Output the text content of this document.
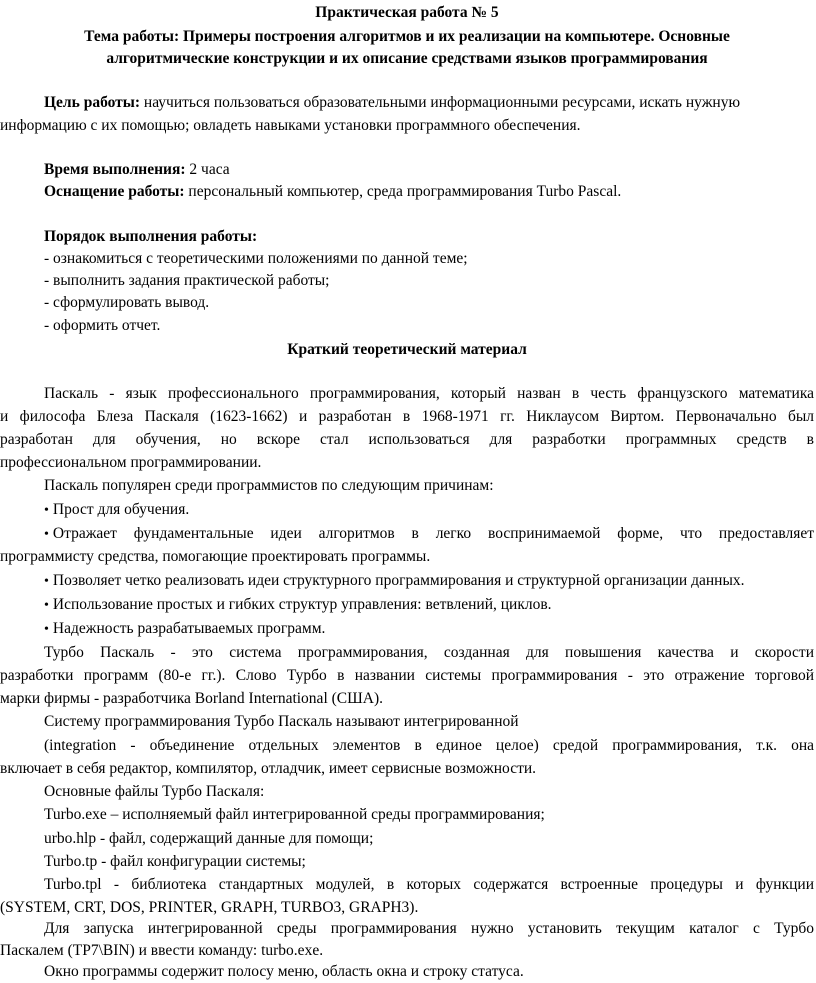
Практическая работа № 5
Тема работы: Примеры построения алгоритмов и их реализации на компьютере. Основные
алгоритмические конструкции и их описание средствами языков программирования
Цель работы: научиться пользоваться образовательными информационными ресурсами, искать нужную
информацию с их помощью; овладеть навыками установки программного обеспечения.
Время выполнения: 2 часа
Оснащение работы: персональный компьютер, среда программирования Turbo Pascal.
Порядок выполнения работы:
- ознакомиться с теоретическими положениями по данной теме;
- выполнить задания практической работы;
- сформулировать вывод.
- оформить отчет.
Краткий теоретический материал
Паскаль - язык профессионального программирования, который назван в честь французского математика
и философа Блеза Паскаля (1623-1662) и разработан в 1968-1971 гг. Никлаусом Виртом. Первоначально был
разработан для обучения, но вскоре стал использоваться для разработки программных средств в
профессиональном программировании.
Паскаль популярен среди программистов по следующим причинам:
• Прост для обучения.
• Отражает фундаментальные идеи алгоритмов в легко воспринимаемой форме, что предоставляет
программисту средства, помогающие проектировать программы.
• Позволяет четко реализовать идеи структурного программирования и структурной организации данных.
• Использование простых и гибких структур управления: ветвлений, циклов.
• Надежность разрабатываемых программ.
Турбо Паскаль - это система программирования, созданная для повышения качества и скорости
разработки программ (80-е гг.). Слово Турбо в названии системы программирования - это отражение торговой
марки фирмы - разработчика Borland International (США).
Систему программирования Турбо Паскаль называют интегрированной
(integration - объединение отдельных элементов в единое целое) средой программирования, т.к. она
включает в себя редактор, компилятор, отладчик, имеет сервисные возможности.
Основные файлы Турбо Паскаля:
Turbo.exe – исполняемый файл интегрированной среды программирования;
urbo.hlp - файл, содержащий данные для помощи;
Turbo.tp - файл конфигурации системы;
Turbo.tpl - библиотека стандартных модулей, в которых содержатся встроенные процедуры и функции
(SYSTEM, CRT, DOS, PRINTER, GRAPH, TURBO3, GRAPH3).
Для запуска интегрированной среды программирования нужно установить текущим каталог с Турбо
Паскалем (TP7\BIN) и ввести команду: turbo.exe.
Окно программы содержит полосу меню, область окна и строку статуса.
